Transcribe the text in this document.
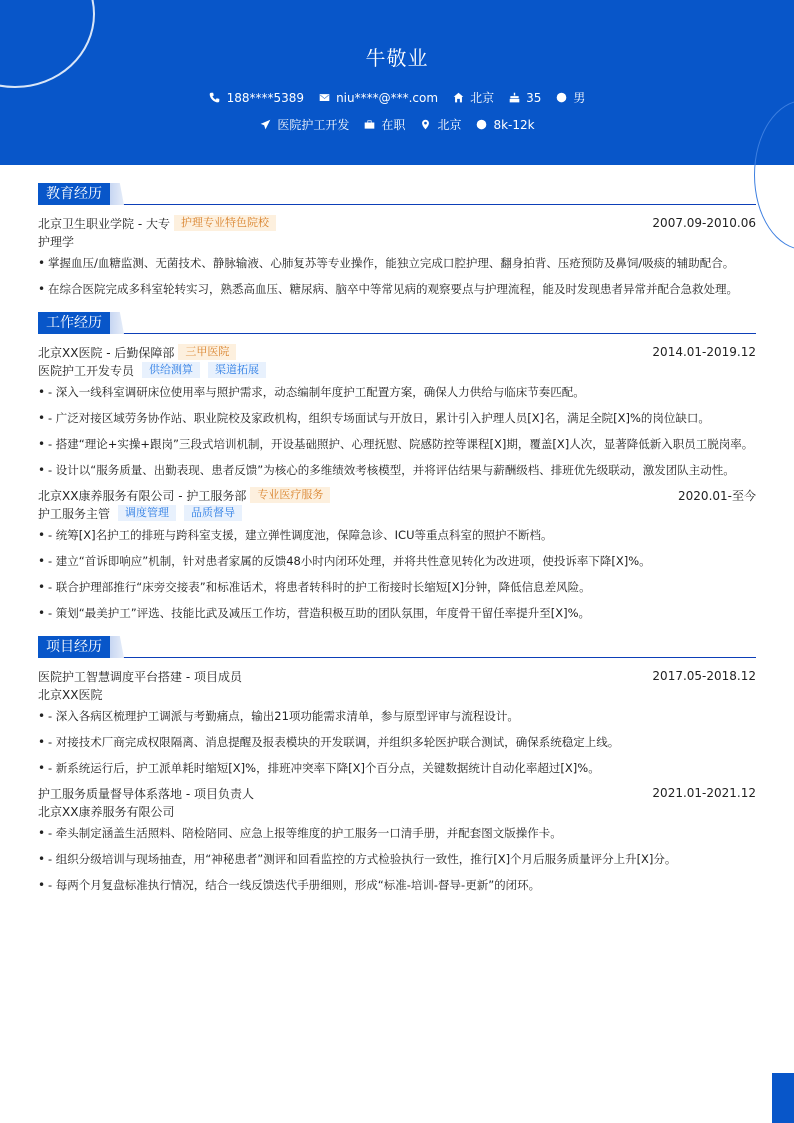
牛敬业
188****5389	niu****@***.com	北京	35	男
医院护工开发	在职	北京	8k-12k
教育经历
北京卫生职业学院 - 大专	护理专业特色院校	2007.09-2010.06
护理学
• 掌握血压/血糖监测、无菌技术、静脉输液、心肺复苏等专业操作，能独立完成口腔护理、翻身拍背、压疮预防及鼻饲/吸痰的辅助配合。
• 在综合医院完成多科室轮转实习，熟悉高血压、糖尿病、脑卒中等常见病的观察要点与护理流程，能及时发现患者异常并配合急救处理。
工作经历
北京XX医院 - 后勤保障部	三甲医院	2014.01-2019.12
医院护工开发专员	供给测算	渠道拓展
• - 深入一线科室调研床位使用率与照护需求，动态编制年度护工配置方案，确保人力供给与临床节奏匹配。
• - 广泛对接区域劳务协作站、职业院校及家政机构，组织专场面试与开放日，累计引入护理人员[X]名，满足全院[X]%的岗位缺口。
• - 搭建“理论+实操+跟岗”三段式培训机制，开设基础照护、心理抚慰、院感防控等课程[X]期，覆盖[X]人次，显著降低新入职员工脱岗率。
• - 设计以“服务质量、出勤表现、患者反馈”为核心的多维绩效考核模型，并将评估结果与薪酬级档、排班优先级联动，激发团队主动性。
北京XX康养服务有限公司 - 护工服务部	专业医疗服务	2020.01-至今
护工服务主管	调度管理	品质督导
• - 统筹[X]名护工的排班与跨科室支援，建立弹性调度池，保障急诊、ICU等重点科室的照护不断档。
• - 建立“首诉即响应”机制，针对患者家属的反馈48小时内闭环处理，并将共性意见转化为改进项，使投诉率下降[X]%。
• - 联合护理部推行“床旁交接表”和标准话术，将患者转科时的护工衔接时长缩短[X]分钟，降低信息差风险。
• - 策划“最美护工”评选、技能比武及减压工作坊，营造积极互助的团队氛围，年度骨干留任率提升至[X]%。
项目经历
医院护工智慧调度平台搭建 - 项目成员	2017.05-2018.12
北京XX医院
• - 深入各病区梳理护工调派与考勤痛点，输出21项功能需求清单，参与原型评审与流程设计。
• - 对接技术厂商完成权限隔离、消息提醒及报表模块的开发联调，并组织多轮医护联合测试，确保系统稳定上线。
• - 新系统运行后，护工派单耗时缩短[X]%，排班冲突率下降[X]个百分点，关键数据统计自动化率超过[X]%。
护工服务质量督导体系落地 - 项目负责人	2021.01-2021.12
北京XX康养服务有限公司
• - 牵头制定涵盖生活照料、陪检陪同、应急上报等维度的护工服务一口清手册，并配套图文版操作卡。
• - 组织分级培训与现场抽查，用“神秘患者”测评和回看监控的方式检验执行一致性，推行[X]个月后服务质量评分上升[X]分。
• - 每两个月复盘标准执行情况，结合一线反馈迭代手册细则，形成“标准-培训-督导-更新”的闭环。
